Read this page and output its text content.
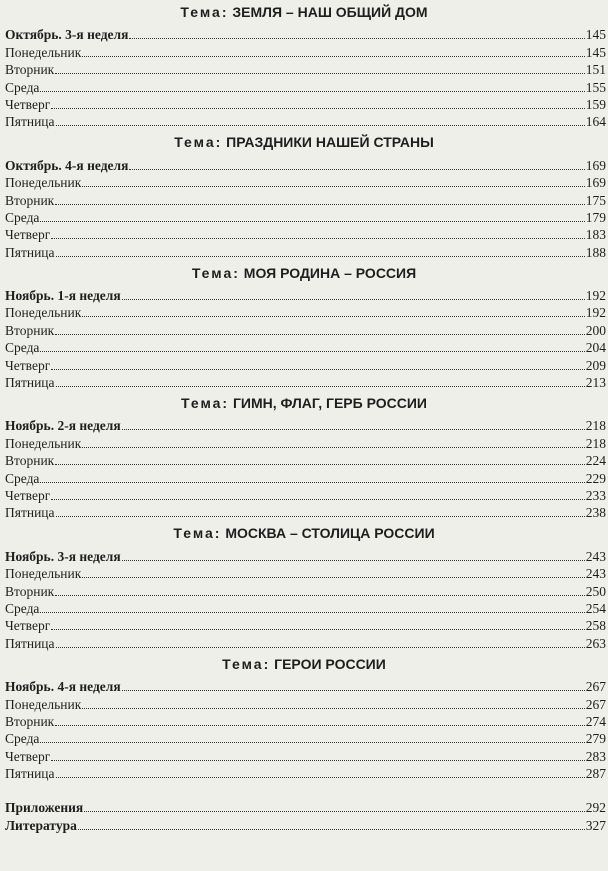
Тема: ЗЕМЛЯ – НАШ ОБЩИЙ ДОМ
Октябрь. 3-я неделя	145
Понедельник	145
Вторник	151
Среда	155
Четверг	159
Пятница	164
Тема: ПРАЗДНИКИ НАШЕЙ СТРАНЫ
Октябрь. 4-я неделя	169
Понедельник	169
Вторник	175
Среда	179
Четверг	183
Пятница	188
Тема: МОЯ РОДИНА – РОССИЯ
Ноябрь. 1-я неделя	192
Понедельник	192
Вторник	200
Среда	204
Четверг	209
Пятница	213
Тема: ГИМН, ФЛАГ, ГЕРБ РОССИИ
Ноябрь. 2-я неделя	218
Понедельник	218
Вторник	224
Среда	229
Четверг	233
Пятница	238
Тема: МОСКВА – СТОЛИЦА РОССИИ
Ноябрь. 3-я неделя	243
Понедельник	243
Вторник	250
Среда	254
Четверг	258
Пятница	263
Тема: ГЕРОИ РОССИИ
Ноябрь. 4-я неделя	267
Понедельник	267
Вторник	274
Среда	279
Четверг	283
Пятница	287
Приложения	292
Литература	327
